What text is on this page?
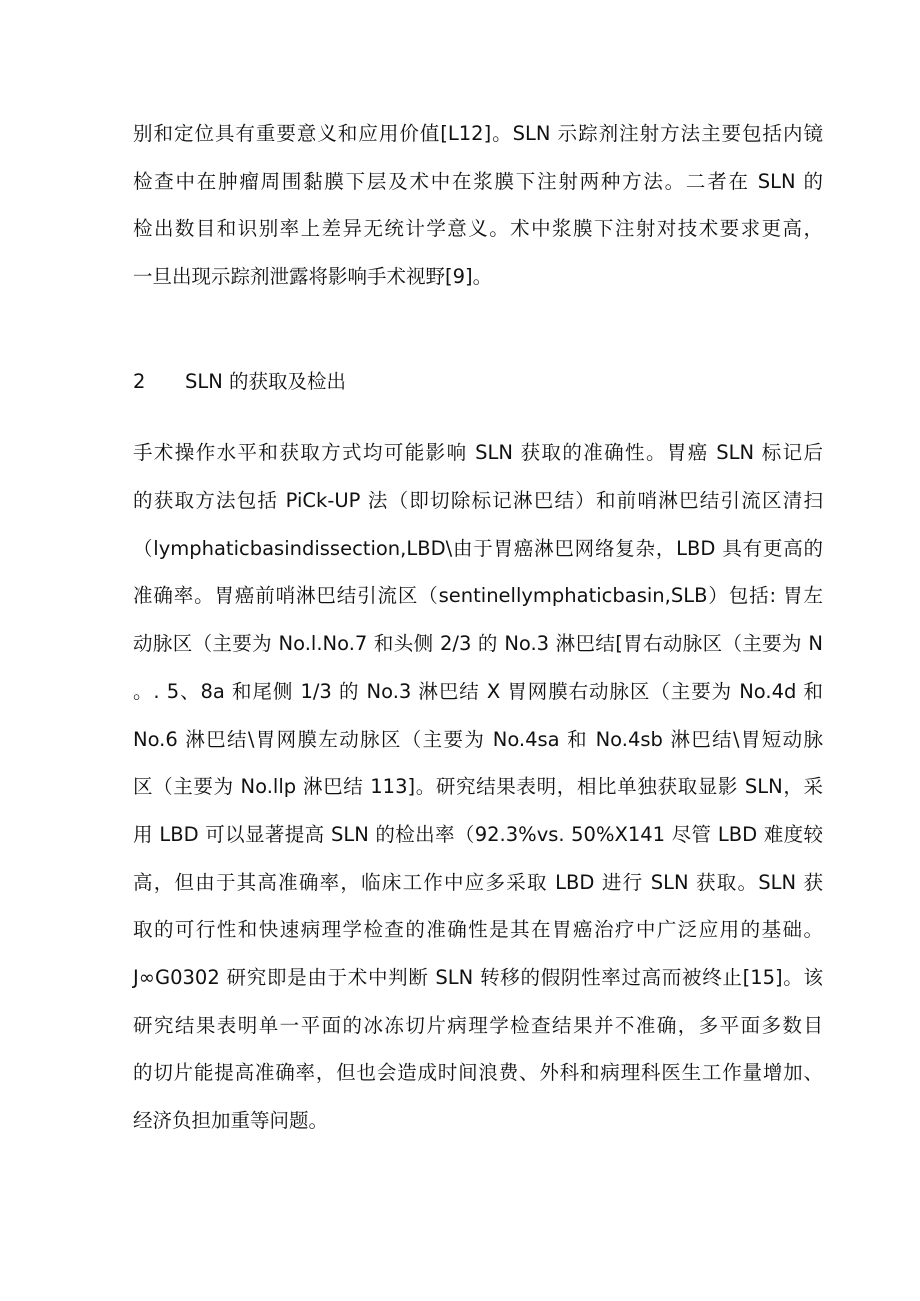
别和定位具有重要意义和应用价值[L12]。SLN 示踪剂注射方法主要包括内镜
检查中在肿瘤周围黏膜下层及术中在浆膜下注射两种方法。二者在 SLN 的
检出数目和识别率上差异无统计学意义。术中浆膜下注射对技术要求更高，
一旦出现示踪剂泄露将影响手术视野[9]。
2 SLN 的获取及检出
手术操作水平和获取方式均可能影响 SLN 获取的准确性。胃癌 SLN 标记后
的获取方法包括 PiCk-UP 法（即切除标记淋巴结）和前哨淋巴结引流区清扫
（lymphaticbasindissection,LBD\由于胃癌淋巴网络复杂，LBD 具有更高的
准确率。胃癌前哨淋巴结引流区（sentinellymphaticbasin,SLB）包括: 胃左
动脉区（主要为 No.l.No.7 和头侧 2/3 的 No.3 淋巴结[胃右动脉区（主要为 N
。. 5、8a 和尾侧 1/3 的 No.3 淋巴结 X 胃网膜右动脉区（主要为 No.4d 和
No.6 淋巴结\胃网膜左动脉区（主要为 No.4sa 和 No.4sb 淋巴结\胃短动脉
区（主要为 No.llp 淋巴结 113]。研究结果表明，相比单独获取显影 SLN，采
用 LBD 可以显著提高 SLN 的检出率（92.3%vs. 50%X141 尽管 LBD 难度较
高，但由于其高准确率，临床工作中应多采取 LBD 进行 SLN 获取。SLN 获
取的可行性和快速病理学检查的准确性是其在胃癌治疗中广泛应用的基础。
J∞G0302 研究即是由于术中判断 SLN 转移的假阴性率过高而被终止[15]。该
研究结果表明单一平面的冰冻切片病理学检查结果并不准确，多平面多数目
的切片能提高准确率，但也会造成时间浪费、外科和病理科医生工作量增加、
经济负担加重等问题。
